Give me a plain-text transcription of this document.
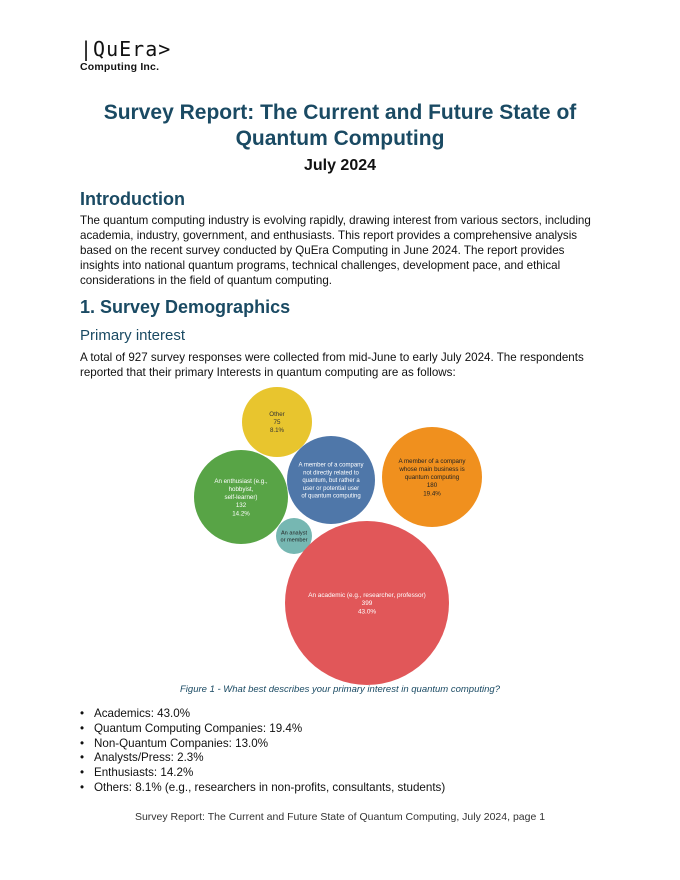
|QuEra>
Computing Inc.
Survey Report: The Current and Future State of Quantum Computing
July 2024
Introduction
The quantum computing industry is evolving rapidly, drawing interest from various sectors, including academia, industry, government, and enthusiasts. This report provides a comprehensive analysis based on the recent survey conducted by QuEra Computing in June 2024. The report provides insights into national quantum programs, technical challenges, development pace, and ethical considerations in the field of quantum computing.
1. Survey Demographics
Primary interest
A total of 927 survey responses were collected from mid-June to early July 2024. The respondents reported that their primary Interests in quantum computing are as follows:
Other 75 8.1%
An enthusiast (e.g., hobbyist, self-learner) 132 14.2%
A member of a company not directly related to quantum, but rather a user or potential user of quantum computing
A member of a company whose main business is quantum computing 180 19.4%
An analyst or member
An academic (e.g., researcher, professor) 399 43.0%
Figure 1 - What best describes your primary interest in quantum computing?
• Academics: 43.0%
• Quantum Computing Companies: 19.4%
• Non-Quantum Companies: 13.0%
• Analysts/Press: 2.3%
• Enthusiasts: 14.2%
• Others: 8.1% (e.g., researchers in non-profits, consultants, students)
Survey Report: The Current and Future State of Quantum Computing, July 2024, page 1
